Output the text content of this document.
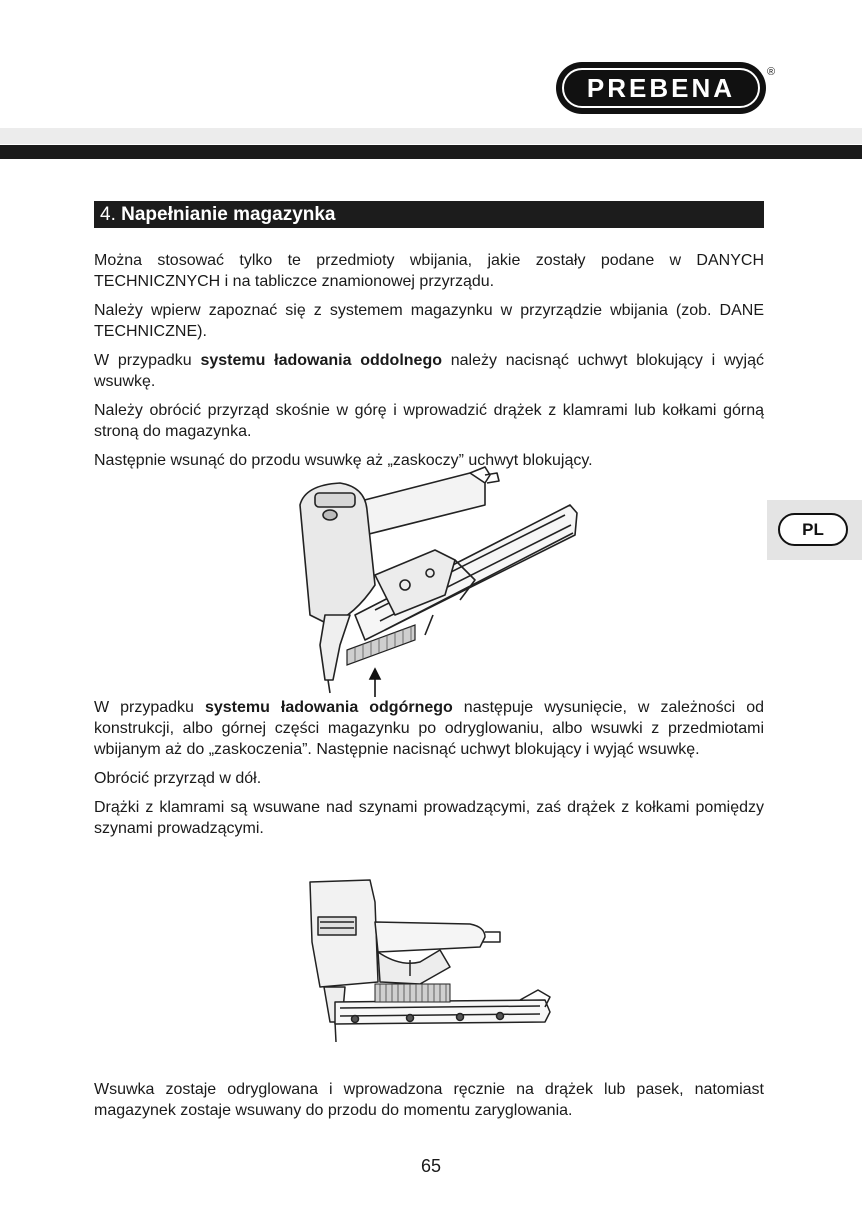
PREBENA
®
4. Napełnianie magazynka

Można stosować tylko te przedmioty wbijania, jakie zostały podane w DANYCH TECHNICZNYCH i na tabliczce znamionowej przyrządu.

Należy wpierw zapoznać się z systemem magazynku w przyrządzie wbijania (zob. DANE TECHNICZNE).

W przypadku systemu ładowania oddolnego należy nacisnąć uchwyt blokujący i wyjąć wsuwkę.

Należy obrócić przyrząd skośnie w górę i wprowadzić drążek z klamrami lub kołkami górną stroną do magazynka.

Następnie wsunąć do przodu wsuwkę aż „zaskoczy” uchwyt blokujący.

PL

W przypadku systemu ładowania odgórnego następuje wysunięcie, w zależności od konstrukcji, albo górnej części magazynku po odryglowaniu, albo wsuwki z przedmiotami wbijanym aż do „zaskoczenia”. Następnie nacisnąć uchwyt blokujący i wyjąć wsuwkę.

Obrócić przyrząd w dół.

Drążki z klamrami są wsuwane nad szynami prowadzącymi, zaś drążek z kołkami pomiędzy szynami prowadzącymi.

Wsuwka zostaje odryglowana i wprowadzona ręcznie na drążek lub pasek, natomiast magazynek zostaje wsuwany do przodu do momentu zaryglowania.

65
